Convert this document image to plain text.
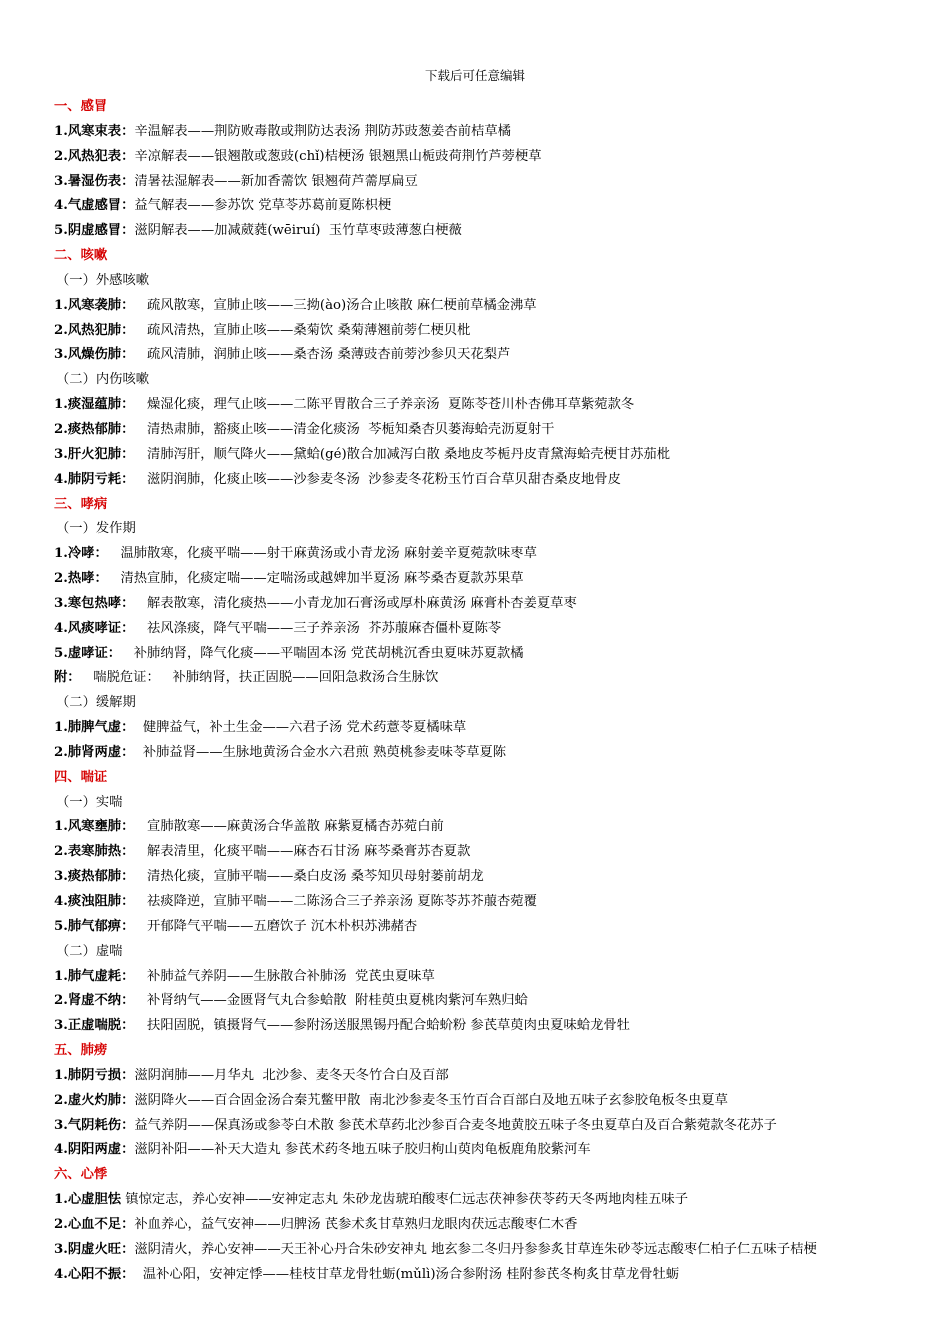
下载后可任意编辑
一、感冒
1.风寒束表：辛温解表——荆防败毒散或荆防达表汤 荆防苏豉葱姜杏前桔草橘
2.风热犯表：辛凉解表——银翘散或葱豉(chǐ)桔梗汤 银翘黑山栀豉荷荆竹芦蒡梗草
3.暑湿伤表：清暑祛湿解表——新加香薷饮 银翘荷芦薷厚扁豆
4.气虚感冒：益气解表——参苏饮 党草苓苏葛前夏陈枳梗
5.阴虚感冒：滋阴解表——加减葳蕤(wēiruí)  玉竹草枣豉薄葱白梗薇
二、咳嗽
（一）外感咳嗽
1.风寒袭肺：   疏风散寒，宣肺止咳——三拗(ào)汤合止咳散 麻仁梗前草橘金沸草
2.风热犯肺：   疏风清热，宣肺止咳——桑菊饮 桑菊薄翘前蒡仁梗贝枇
3.风燥伤肺：   疏风清肺，润肺止咳——桑杏汤 桑薄豉杏前蒡沙参贝天花梨芦
（二）内伤咳嗽
1.痰湿蕴肺：   燥湿化痰，理气止咳——二陈平胃散合三子养亲汤  夏陈苓苍川朴杏佛耳草紫菀款冬
2.痰热郁肺：   清热肃肺，豁痰止咳——清金化痰汤  芩栀知桑杏贝蒌海蛤壳沥夏射干
3.肝火犯肺：   清肺泻肝，顺气降火——黛蛤(gé)散合加减泻白散 桑地皮芩栀丹皮青黛海蛤壳梗甘苏茄枇
4.肺阴亏耗：   滋阴润肺，化痰止咳——沙参麦冬汤  沙参麦冬花粉玉竹百合草贝甜杏桑皮地骨皮
三、哮病
（一）发作期
1.冷哮：   温肺散寒，化痰平喘——射干麻黄汤或小青龙汤 麻射姜辛夏菀款味枣草
2.热哮：   清热宣肺，化痰定喘——定喘汤或越婢加半夏汤 麻芩桑杏夏款苏果草
3.寒包热哮：   解表散寒，清化痰热——小青龙加石膏汤或厚朴麻黄汤 麻膏朴杏姜夏草枣
4.风痰哮证：   祛风涤痰，降气平喘——三子养亲汤  芥苏菔麻杏僵朴夏陈苓
5.虚哮证：   补肺纳肾，降气化痰——平喘固本汤 党芪胡桃沉香虫夏味苏夏款橘
附：   喘脱危证：   补肺纳肾，扶正固脱——回阳急救汤合生脉饮
（二）缓解期
1.肺脾气虚：  健脾益气，补土生金——六君子汤 党术药薏苓夏橘味草
2.肺肾两虚：  补肺益肾——生脉地黄汤合金水六君煎 熟萸桃参麦味苓草夏陈
四、喘证
（一）实喘
1.风寒壅肺：   宣肺散寒——麻黄汤合华盖散 麻紫夏橘杏苏菀白前
2.表寒肺热：   解表清里，化痰平喘——麻杏石甘汤 麻芩桑膏苏杏夏款
3.痰热郁肺：   清热化痰，宣肺平喘——桑白皮汤 桑芩知贝母射蒌前胡龙
4.痰浊阻肺：   祛痰降逆，宣肺平喘——二陈汤合三子养亲汤 夏陈苓苏芥菔杏菀覆
5.肺气郁痹：   开郁降气平喘——五磨饮子 沉木朴枳苏沸赭杏
（二）虚喘
1.肺气虚耗：   补肺益气养阴——生脉散合补肺汤  党芪虫夏味草
2.肾虚不纳：   补肾纳气——金匮肾气丸合参蛤散  附桂萸虫夏桃肉紫河车熟归蛤
3.正虚喘脱：   扶阳固脱，镇摄肾气——参附汤送服黑锡丹配合蛤蚧粉 参芪草萸肉虫夏味蛤龙骨牡
五、肺痨
1.肺阴亏损：滋阴润肺——月华丸  北沙参、麦冬天冬竹合白及百部
2.虚火灼肺：滋阴降火——百合固金汤合秦艽鳖甲散  南北沙参麦冬玉竹百合百部白及地五味子玄参胶龟板冬虫夏草
3.气阴耗伤：益气养阴——保真汤或参苓白术散 参芪术草药北沙参百合麦冬地黄胶五味子冬虫夏草白及百合紫菀款冬花苏子
4.阴阳两虚：滋阴补阳——补天大造丸 参芪术药冬地五味子胶归枸山萸肉龟板鹿角胶紫河车
六、心悸
1.心虚胆怯 镇惊定志，养心安神——安神定志丸 朱砂龙齿琥珀酸枣仁远志茯神参茯苓药天冬两地肉桂五味子
2.心血不足：补血养心，益气安神——归脾汤 芪参术炙甘草熟归龙眼肉茯远志酸枣仁木香
3.阴虚火旺：滋阴清火，养心安神——天王补心丹合朱砂安神丸 地玄参二冬归丹参参炙甘草连朱砂苓远志酸枣仁柏子仁五味子桔梗
4.心阳不振：  温补心阳，安神定悸——桂枝甘草龙骨牡蛎(mǔlì)汤合参附汤 桂附参芪冬枸炙甘草龙骨牡蛎
